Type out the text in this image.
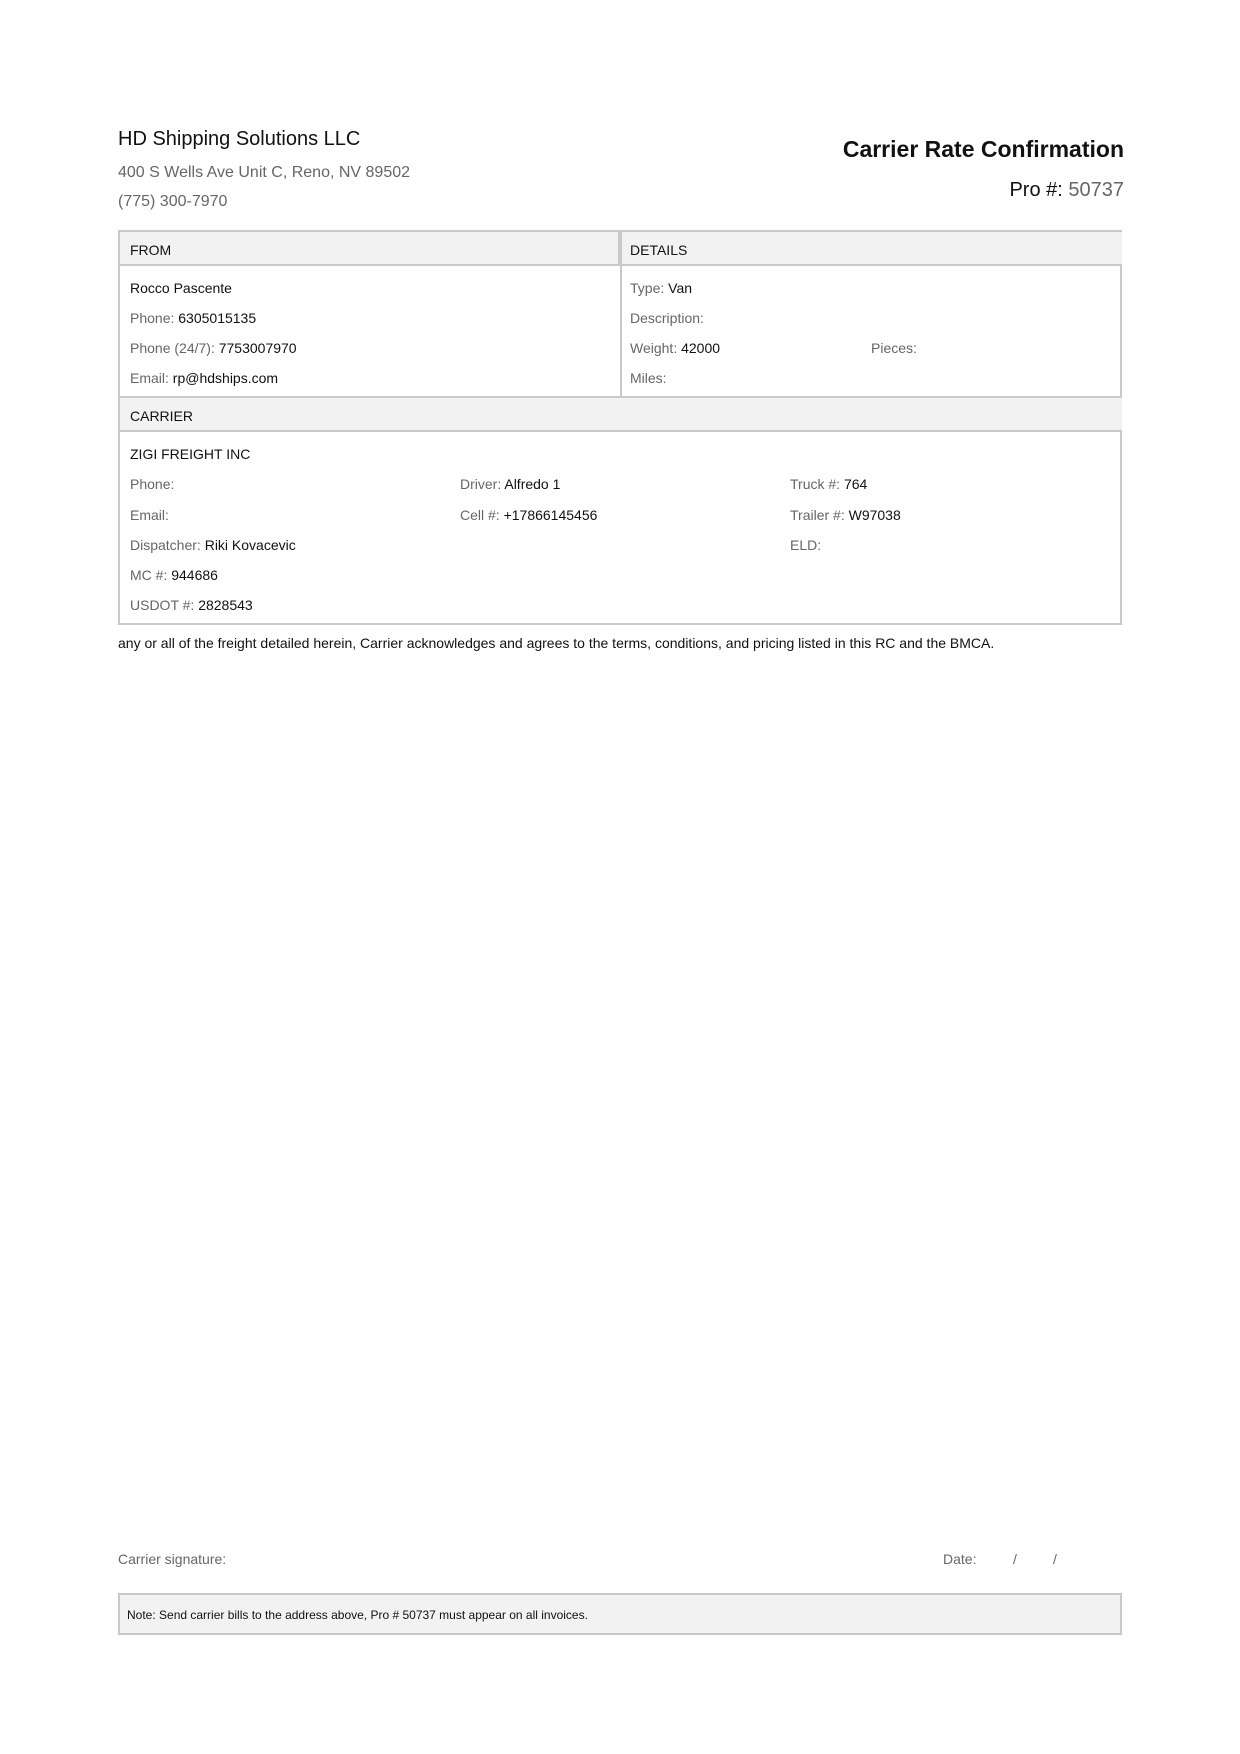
HD Shipping Solutions LLC
400 S Wells Ave Unit C, Reno, NV 89502
(775) 300-7970
Carrier Rate Confirmation
Pro #: 50737
FROM	DETAILS
Rocco Pascente
Phone: 6305015135
Phone (24/7): 7753007970
Email: rp@hdships.com
Type: Van
Description:
Weight: 42000	Pieces:
Miles:
CARRIER
ZIGI FREIGHT INC
Phone:
Email:
Dispatcher: Riki Kovacevic
MC #: 944686
USDOT #: 2828543
Driver: Alfredo 1
Cell #: +17866145456
Truck #: 764
Trailer #: W97038
ELD:
any or all of the freight detailed herein, Carrier acknowledges and agrees to the terms, conditions, and pricing listed in this RC and the BMCA.
Carrier signature:	Date:	/	/
Note: Send carrier bills to the address above, Pro # 50737 must appear on all invoices.
